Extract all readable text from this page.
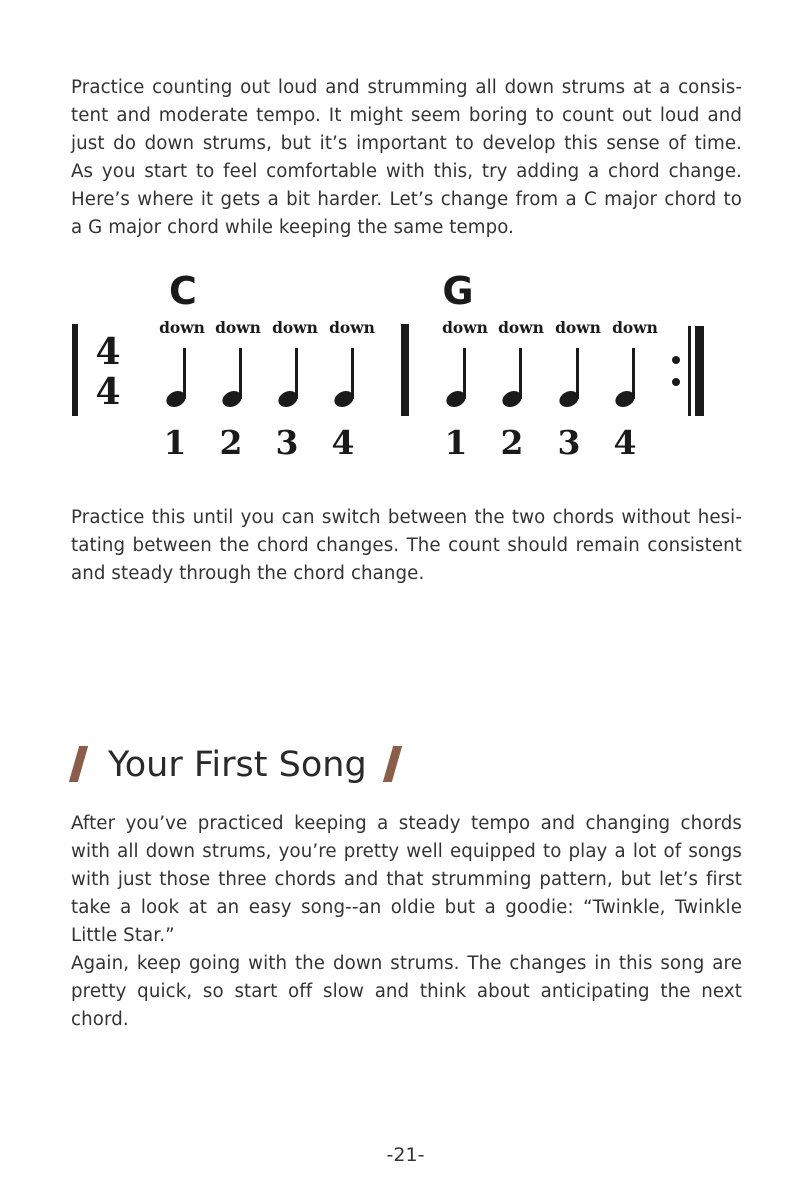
Practice counting out loud and strumming all down strums at a consis-
tent and moderate tempo. It might seem boring to count out loud and
just do down strums, but it’s important to develop this sense of time.
As you start to feel comfortable with this, try adding a chord change.
Here’s where it gets a bit harder. Let’s change from a C major chord to
a G major chord while keeping the same tempo.

4
4
C
down down down down
1 2 3 4
G
down down down down
1 2 3 4

Practice this until you can switch between the two chords without hesi-
tating between the chord changes. The count should remain consistent
and steady through the chord change.

Your First Song

After you’ve practiced keeping a steady tempo and changing chords
with all down strums, you’re pretty well equipped to play a lot of songs
with just those three chords and that strumming pattern, but let’s first
take a look at an easy song--an oldie but a goodie: “Twinkle, Twinkle
Little Star.”
Again, keep going with the down strums. The changes in this song are
pretty quick, so start off slow and think about anticipating the next
chord.

-21-
